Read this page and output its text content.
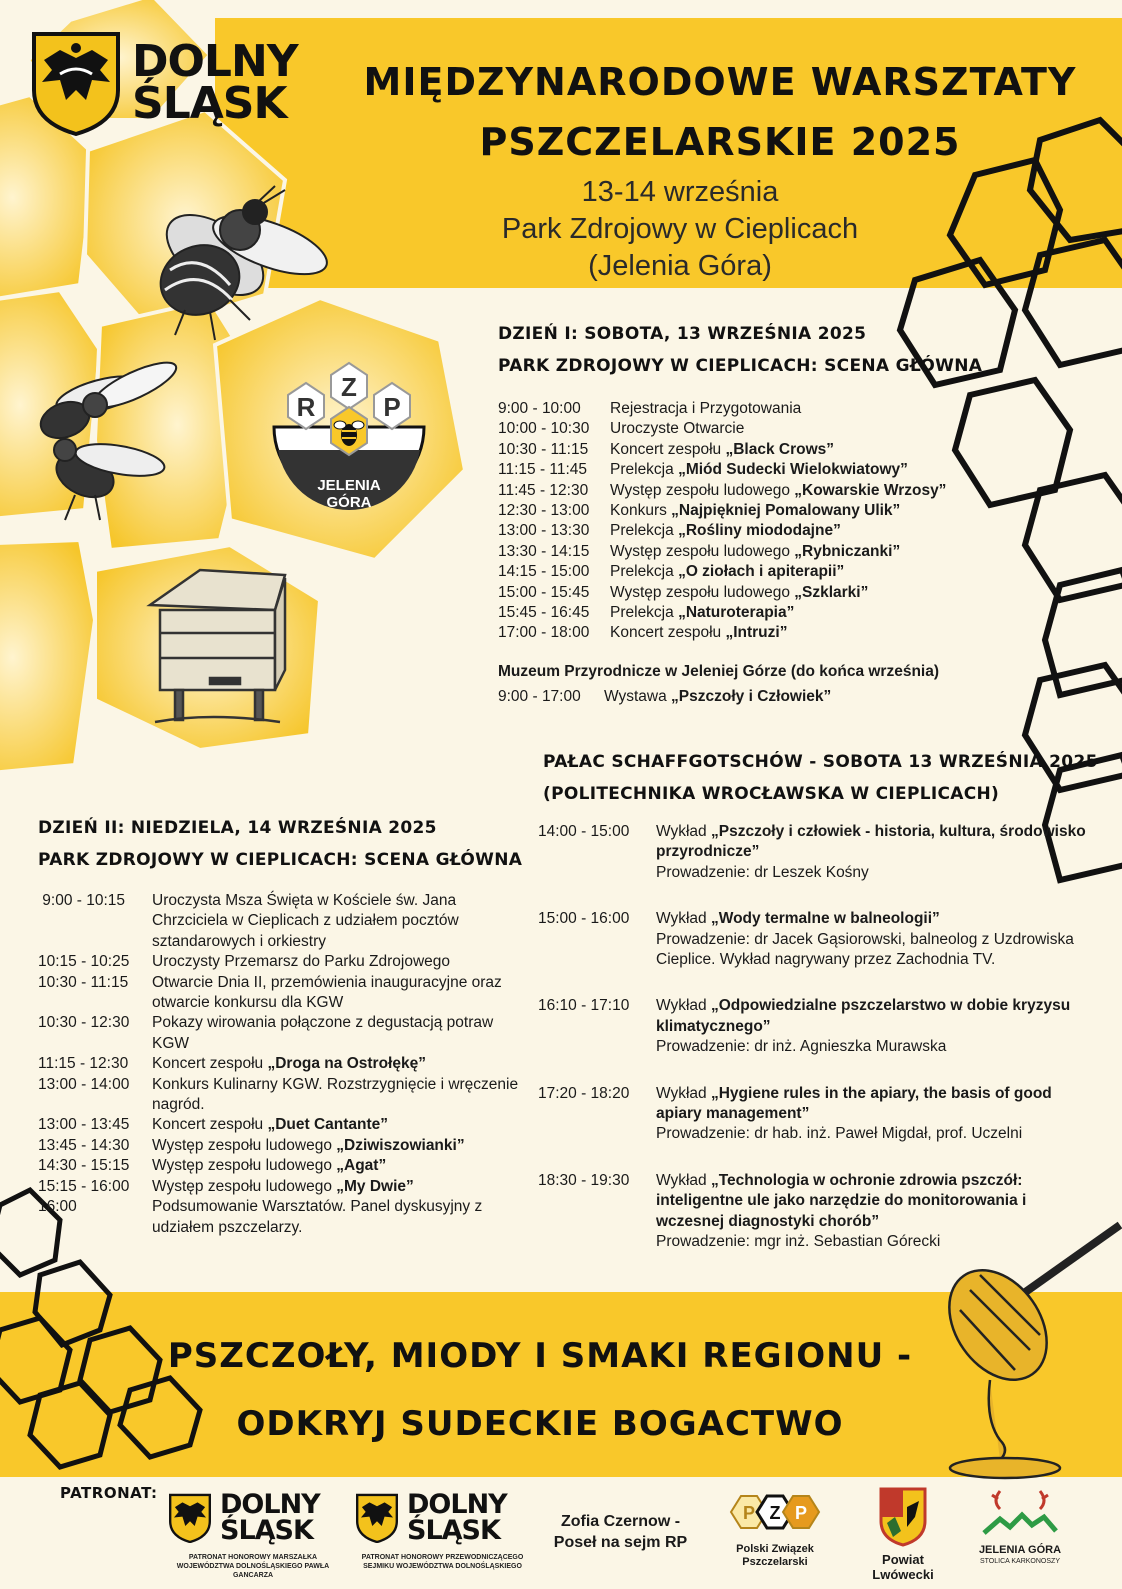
DOLNY
ŚLĄSK MIĘDZYNARODOWE WARSZTATY
PSZCZELARSKIE 2025
13-14 września
Park Zdrojowy w Cieplicach
(Jelenia Góra)
R
Z
P
JELENIA
GÓRA
DZIEŃ I: SOBOTA, 13 WRZEŚNIA 2025
PARK ZDROJOWY W CIEPLICACH: SCENA GŁÓWNA
9:00 - 10:00	Rejestracja i Przygotowania
10:00 - 10:30	Uroczyste Otwarcie
10:30 - 11:15	Koncert zespołu „Black Crows”
11:15 - 11:45	Prelekcja „Miód Sudecki Wielokwiatowy”
11:45 - 12:30	Występ zespołu ludowego „Kowarskie Wrzosy”
12:30 - 13:00	Konkurs „Najpiękniej Pomalowany Ulik”
13:00 - 13:30	Prelekcja „Rośliny miododajne”
13:30 - 14:15	Występ zespołu ludowego „Rybniczanki”
14:15 - 15:00	Prelekcja „O ziołach i apiterapii”
15:00 - 15:45	Występ zespołu ludowego „Szklarki”
15:45 - 16:45	Prelekcja „Naturoterapia”
17:00 - 18:00	Koncert zespołu „Intruzi”
Muzeum Przyrodnicze w Jeleniej Górze (do końca września)
9:00 - 17:00 Wystawa „Pszczoły i Człowiek”
PAŁAC SCHAFFGOTSCHÓW - SOBOTA 13 WRZEŚNIA 2025
(POLITECHNIKA WROCŁAWSKA W CIEPLICACH)
14:00 - 15:00	Wykład „Pszczoły i człowiek - historia, kultura, środowisko przyrodnicze”
Prowadzenie: dr Leszek Kośny
15:00 - 16:00	Wykład „Wody termalne w balneologii”
Prowadzenie: dr Jacek Gąsiorowski, balneolog z Uzdrowiska Cieplice. Wykład nagrywany przez Zachodnia TV.
16:10 - 17:10	Wykład „Odpowiedzialne pszczelarstwo w dobie kryzysu klimatycznego”
Prowadzenie: dr inż. Agnieszka Murawska
17:20 - 18:20	Wykład „Hygiene rules in the apiary, the basis of good apiary management”
Prowadzenie: dr hab. inż. Paweł Migdał, prof. Uczelni
18:30 - 19:30	Wykład „Technologia w ochronie zdrowia pszczół: inteligentne ule jako narzędzie do monitorowania i wczesnej diagnostyki chorób”
Prowadzenie: mgr inż. Sebastian Górecki
DZIEŃ II: NIEDZIELA, 14 WRZEŚNIA 2025
PARK ZDROJOWY W CIEPLICACH: SCENA GŁÓWNA
9:00 - 10:15	Uroczysta Msza Święta w Kościele św. Jana Chrzciciela w Cieplicach z udziałem pocztów sztandarowych i orkiestry
10:15 - 10:25	Uroczysty Przemarsz do Parku Zdrojowego
10:30 - 11:15	Otwarcie Dnia II, przemówienia inauguracyjne oraz otwarcie konkursu dla KGW
10:30 - 12:30	Pokazy wirowania połączone z degustacją potraw KGW
11:15 - 12:30	Koncert zespołu „Droga na Ostrołękę”
13:00 - 14:00	Konkurs Kulinarny KGW. Rozstrzygnięcie i wręczenie nagród.
13:00 - 13:45	Koncert zespołu „Duet Cantante”
13:45 - 14:30	Występ zespołu ludowego „Dziwiszowianki”
14:30 - 15:15	Występ zespołu ludowego „Agat”
15:15 - 16:00	Występ zespołu ludowego „My Dwie”
16:00	Podsumowanie Warsztatów. Panel dyskusyjny z udziałem pszczelarzy.
PSZCZOŁY, MIODY I SMAKI REGIONU -
ODKRYJ SUDECKIE BOGACTWO
PATRONAT: DOLNY
ŚLĄSK
PATRONAT HONOROWY MARSZAŁKA WOJEWÓDZTWA DOLNOŚLĄSKIEGO PAWŁA GANCARZA
DOLNY
ŚLĄSK
PATRONAT HONOROWY PRZEWODNICZĄCEGO SEJMIKU WOJEWÓDZTWA DOLNOŚLĄSKIEGO
Zofia Czernow -
Poseł na sejm RP
P Z P
Polski Związek
Pszczelarski	Powiat
Lwówecki
JELENIA GÓRA
STOLICA KARKONOSZY
